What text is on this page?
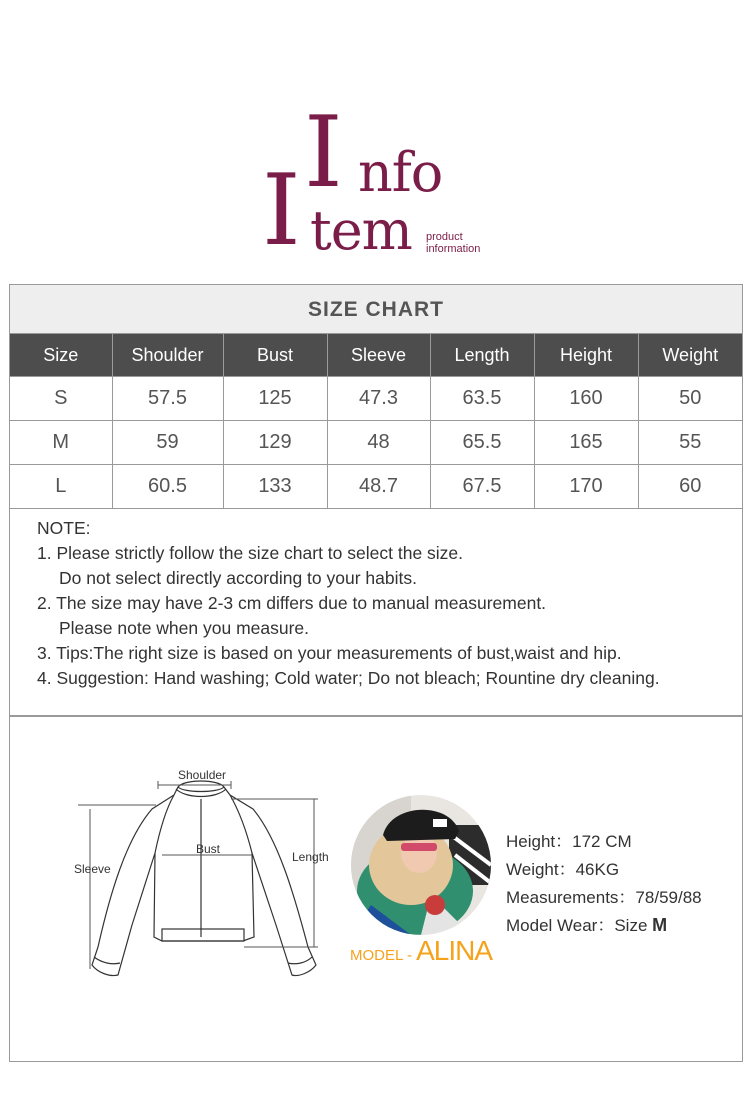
I nfo
I tem product
information
SIZE CHART
Size	Shoulder	Bust	Sleeve	Length	Height	Weight
S	57.5	125	47.3	63.5	160	50
M	59	129	48	65.5	165	55
L	60.5	133	48.7	67.5	170	60
NOTE:
1. Please strictly follow the size chart to select the size.
Do not select directly according to your habits.
2. The size may have 2-3 cm differs due to manual measurement.
Please note when you measure.
3. Tips:The right size is based on your measurements of bust,waist and hip.
4. Suggestion: Hand washing; Cold water; Do not bleach; Rountine dry cleaning.
Shoulder
Bust
Length
Sleeve
MODEL - ALINA
Height：172 CM
Weight：46KG
Measurements：78/59/88
Model Wear：Size M
